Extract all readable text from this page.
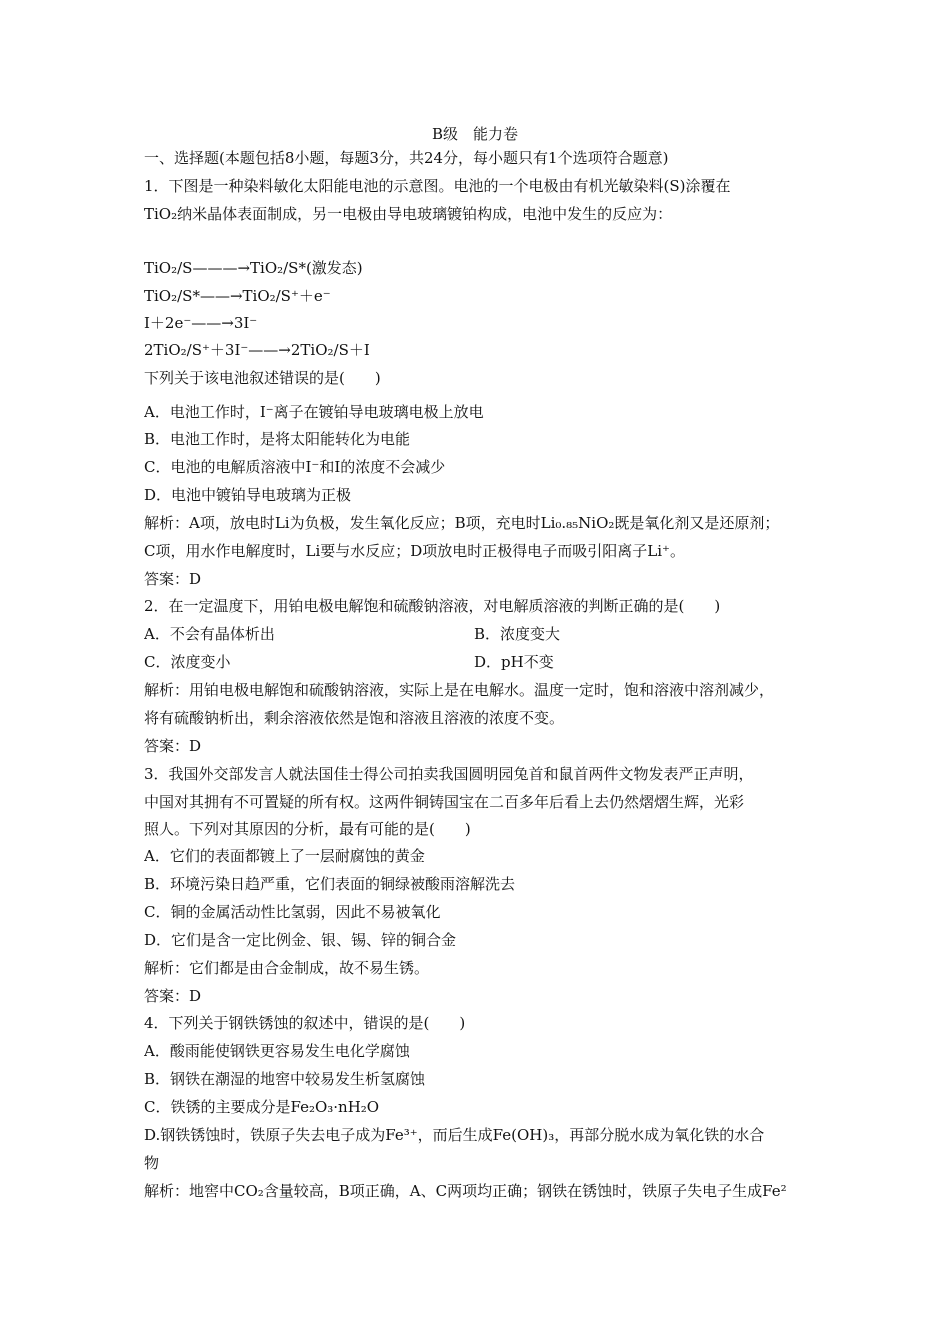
B级　能力卷
一、选择题(本题包括8小题，每题3分，共24分，每小题只有1个选项符合题意)
1．下图是一种染料敏化太阳能电池的示意图。电池的一个电极由有机光敏染料(S)涂覆在
TiO₂纳米晶体表面制成，另一电极由导电玻璃镀铂构成，电池中发生的反应为：
TiO₂/S———→TiO₂/S*(激发态)
TiO₂/S*——→TiO₂/S⁺＋e⁻
I＋2e⁻——→3I⁻
2TiO₂/S⁺＋3I⁻——→2TiO₂/S＋I
下列关于该电池叙述错误的是(　　)
A．电池工作时，I⁻离子在镀铂导电玻璃电极上放电
B．电池工作时，是将太阳能转化为电能
C．电池的电解质溶液中I⁻和I的浓度不会减少
D．电池中镀铂导电玻璃为正极
解析：A项，放电时Li为负极，发生氧化反应；B项，充电时Li₀.₈₅NiO₂既是氧化剂又是还原剂；
C项，用水作电解度时，Li要与水反应；D项放电时正极得电子而吸引阳离子Li⁺。
答案：D
2．在一定温度下，用铂电极电解饱和硫酸钠溶液，对电解质溶液的判断正确的是(　　)
A．不会有晶体析出	B．浓度变大
C．浓度变小	D．pH不变
解析：用铂电极电解饱和硫酸钠溶液，实际上是在电解水。温度一定时，饱和溶液中溶剂减少，
将有硫酸钠析出，剩余溶液依然是饱和溶液且溶液的浓度不变。
答案：D
3．我国外交部发言人就法国佳士得公司拍卖我国圆明园兔首和鼠首两件文物发表严正声明，
中国对其拥有不可置疑的所有权。这两件铜铸国宝在二百多年后看上去仍然熠熠生辉，光彩
照人。下列对其原因的分析，最有可能的是(　　)
A．它们的表面都镀上了一层耐腐蚀的黄金
B．环境污染日趋严重，它们表面的铜绿被酸雨溶解洗去
C．铜的金属活动性比氢弱，因此不易被氧化
D．它们是含一定比例金、银、锡、锌的铜合金
解析：它们都是由合金制成，故不易生锈。
答案：D
4．下列关于钢铁锈蚀的叙述中，错误的是(　　)
A．酸雨能使钢铁更容易发生电化学腐蚀
B．钢铁在潮湿的地窖中较易发生析氢腐蚀
C．铁锈的主要成分是Fe₂O₃·nH₂O
D.钢铁锈蚀时，铁原子失去电子成为Fe³⁺，而后生成Fe(OH)₃，再部分脱水成为氧化铁的水合
物
解析：地窖中CO₂含量较高，B项正确，A、C两项均正确；钢铁在锈蚀时，铁原子失电子生成Fe²
